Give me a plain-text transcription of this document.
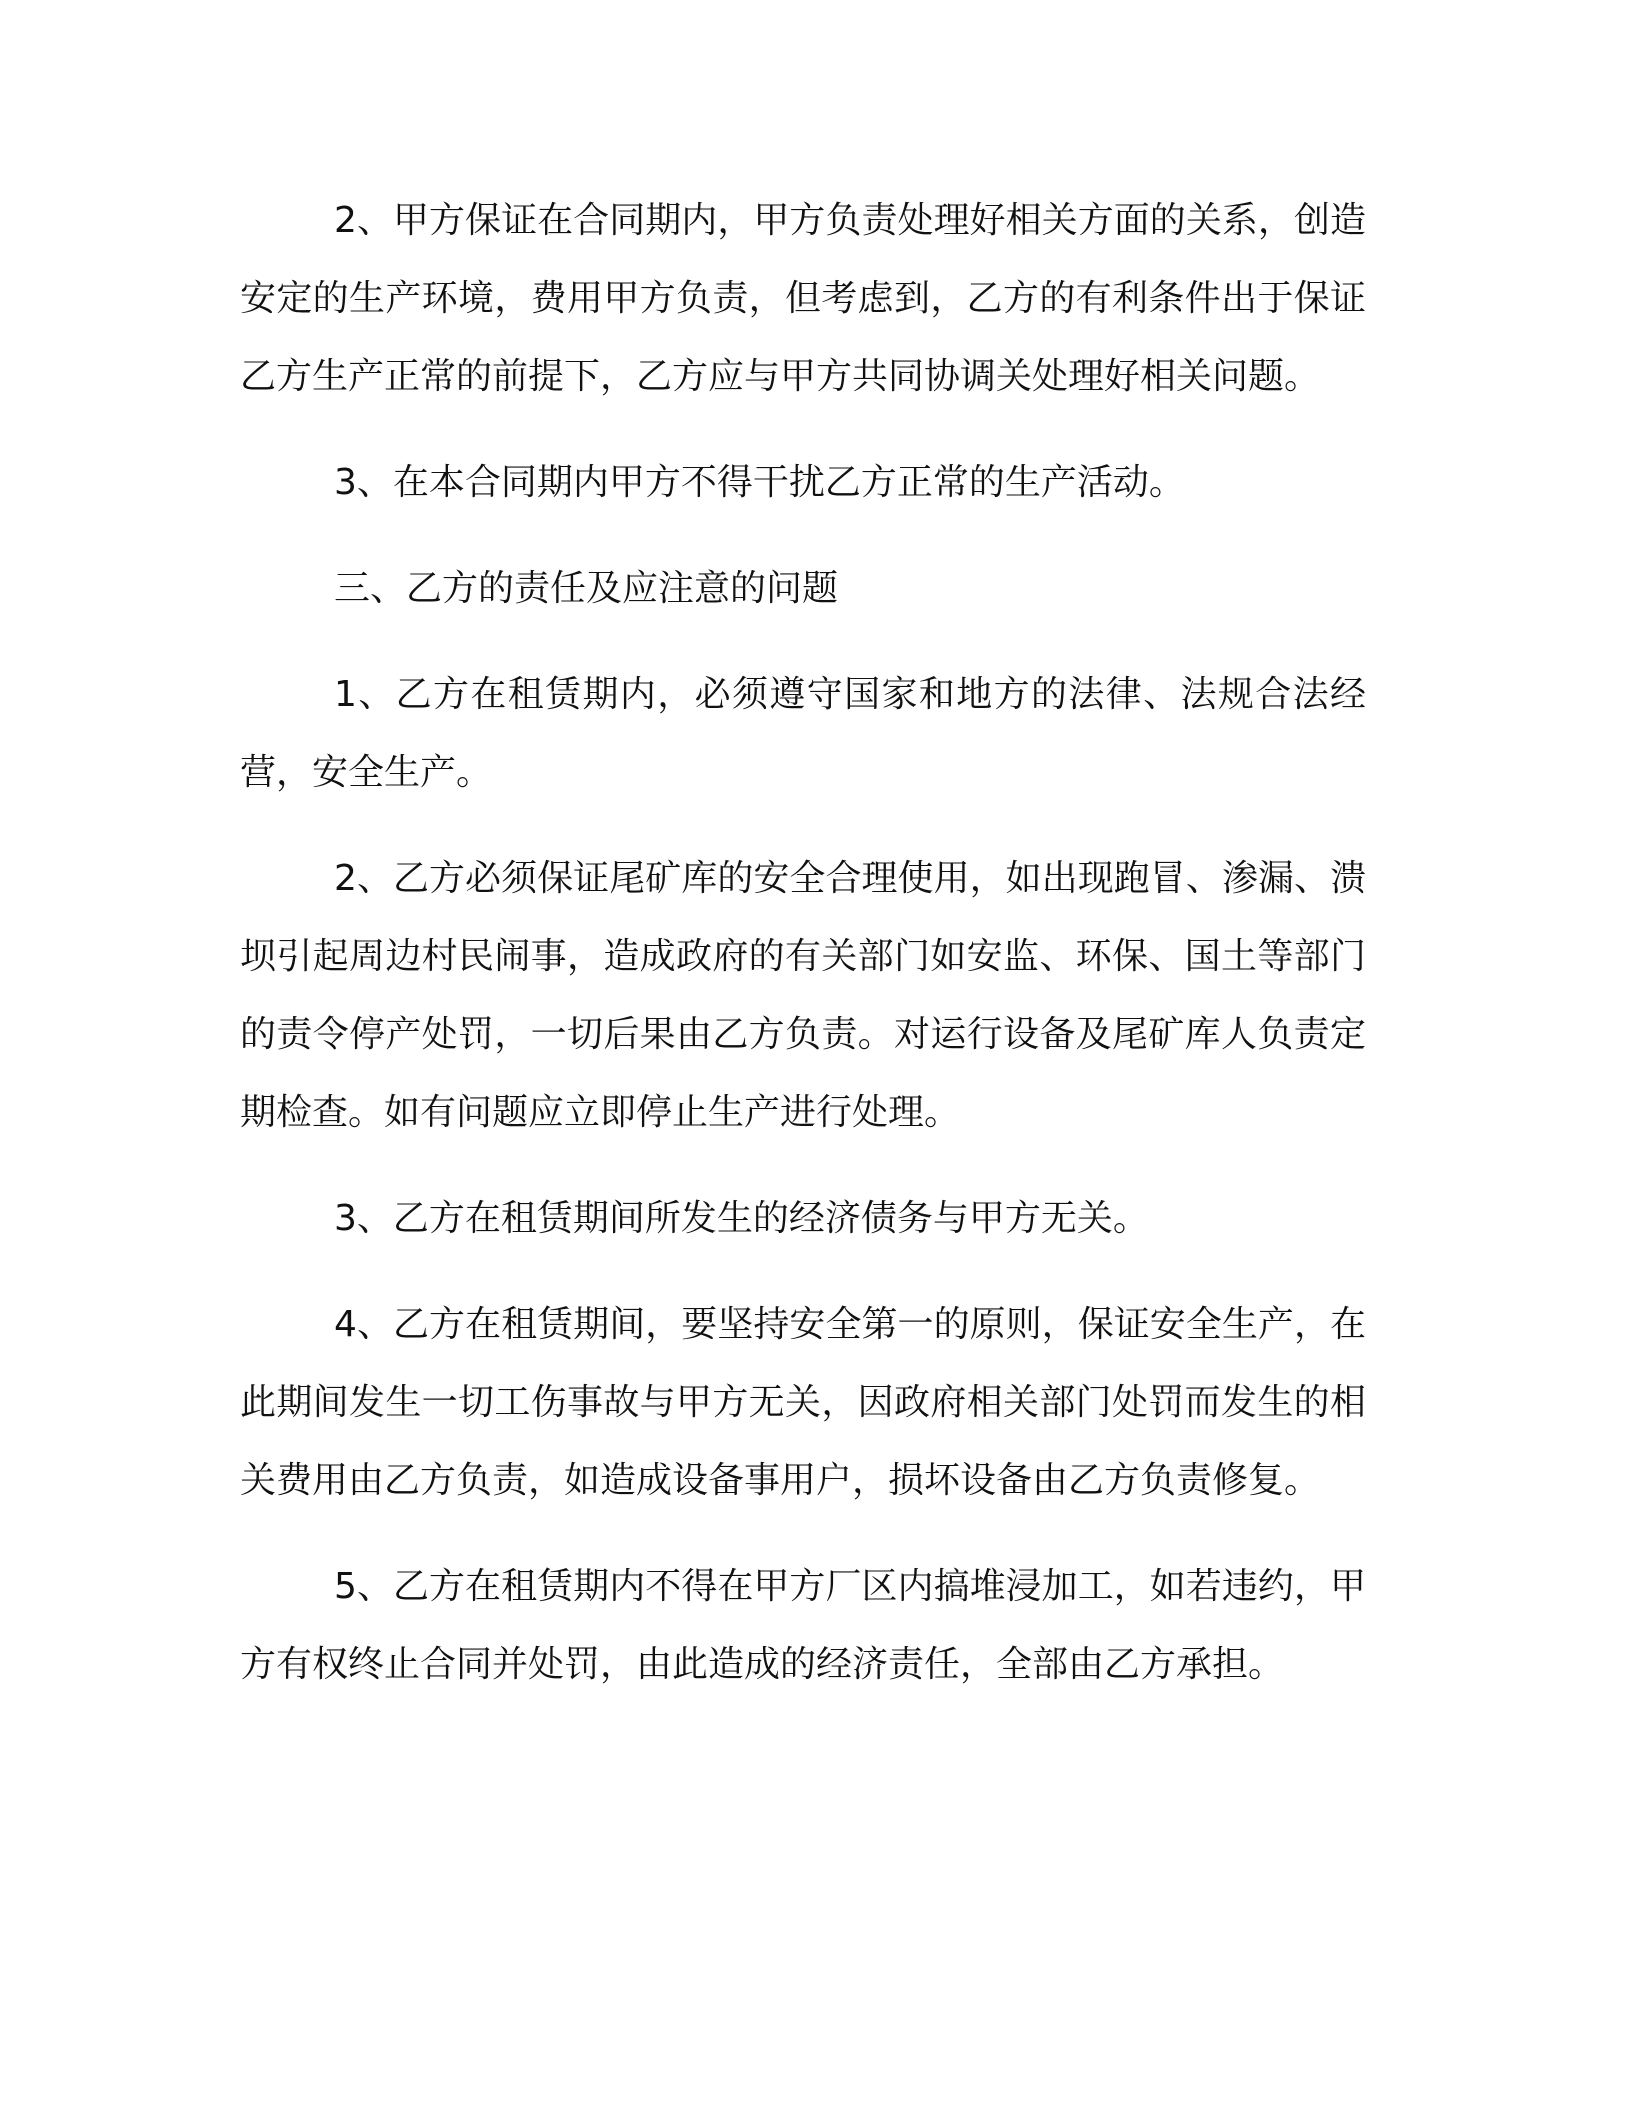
2、甲方保证在合同期内，甲方负责处理好相关方面的关系，创造安定的生产环境，费用甲方负责，但考虑到，乙方的有利条件出于保证乙方生产正常的前提下，乙方应与甲方共同协调关处理好相关问题。

3、在本合同期内甲方不得干扰乙方正常的生产活动。

三、乙方的责任及应注意的问题

1、乙方在租赁期内，必须遵守国家和地方的法律、法规合法经营，安全生产。

2、乙方必须保证尾矿库的安全合理使用，如出现跑冒、渗漏、溃坝引起周边村民闹事，造成政府的有关部门如安监、环保、国土等部门的责令停产处罚，一切后果由乙方负责。对运行设备及尾矿库人负责定期检查。如有问题应立即停止生产进行处理。

3、乙方在租赁期间所发生的经济债务与甲方无关。

4、乙方在租赁期间，要坚持安全第一的原则，保证安全生产，在此期间发生一切工伤事故与甲方无关，因政府相关部门处罚而发生的相关费用由乙方负责，如造成设备事用户，损坏设备由乙方负责修复。

5、乙方在租赁期内不得在甲方厂区内搞堆浸加工，如若违约，甲方有权终止合同并处罚，由此造成的经济责任，全部由乙方承担。
